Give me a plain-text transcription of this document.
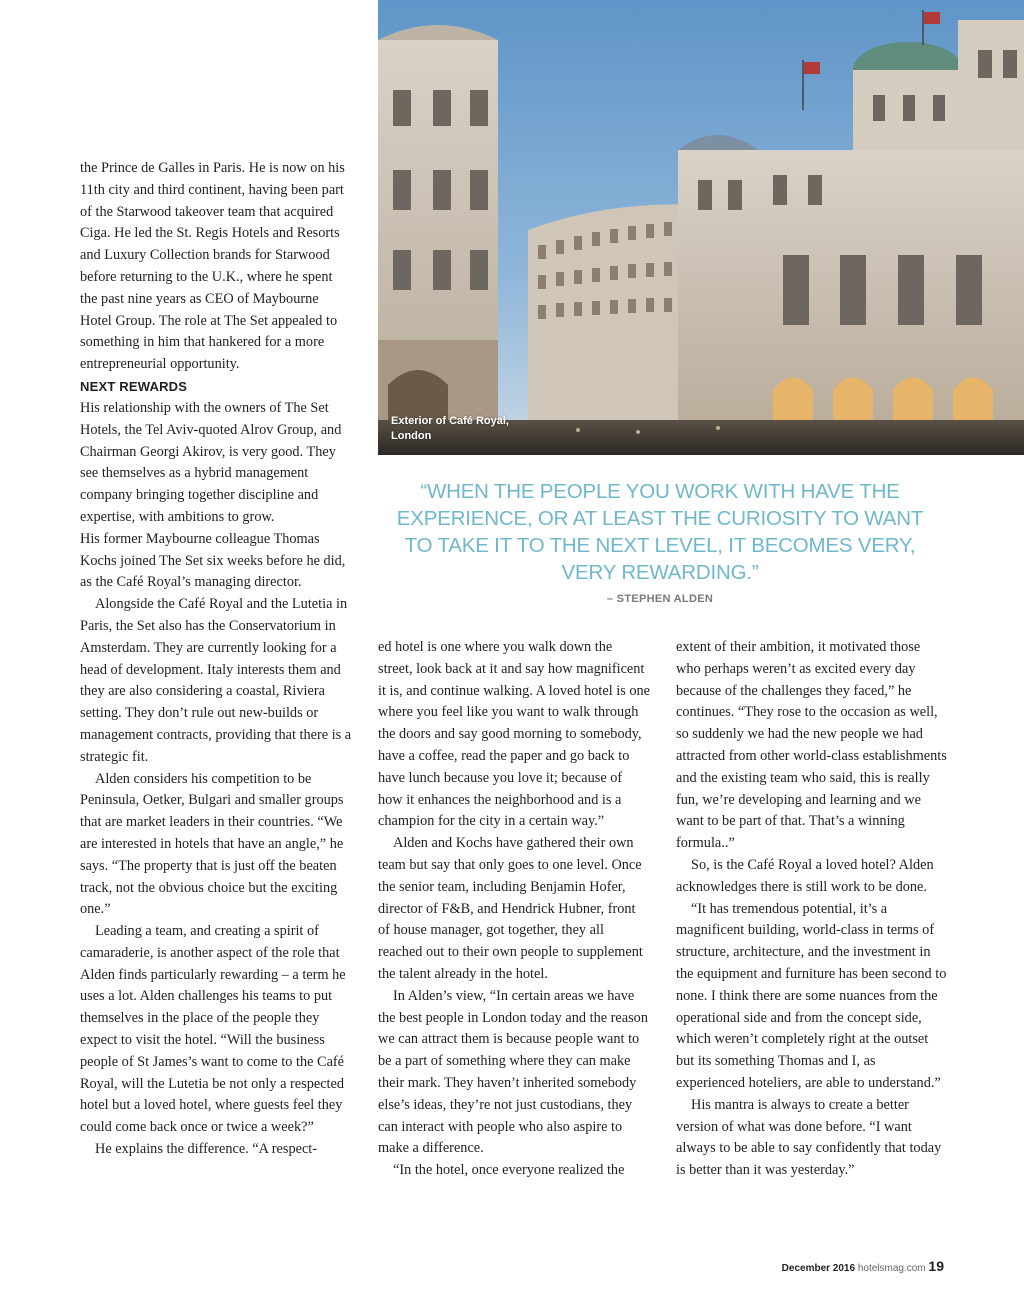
Exterior of Café Royal, London

the Prince de Galles in Paris. He is now on his 11th city and third continent, having been part of the Starwood takeover team that acquired Ciga. He led the St. Regis Hotels and Resorts and Luxury Collection brands for Starwood before returning to the U.K., where he spent the past nine years as CEO of Maybourne Hotel Group. The role at The Set appealed to something in him that hankered for a more entrepreneurial opportunity.

NEXT REWARDS

His relationship with the owners of The Set Hotels, the Tel Aviv-quoted Alrov Group, and Chairman Georgi Akirov, is very good. They see themselves as a hybrid management company bringing together discipline and expertise, with ambitions to grow.

His former Maybourne colleague Thomas Kochs joined The Set six weeks before he did, as the Café Royal’s managing director.

Alongside the Café Royal and the Lutetia in Paris, the Set also has the Conservatorium in Amsterdam. They are currently looking for a head of development. Italy interests them and they are also considering a coastal, Riviera setting. They don’t rule out new-builds or management contracts, providing that there is a strategic fit.

Alden considers his competition to be Peninsula, Oetker, Bulgari and smaller groups that are market leaders in their countries. “We are interested in hotels that have an angle,” he says. “The property that is just off the beaten track, not the obvious choice but the exciting one.”

Leading a team, and creating a spirit of camaraderie, is another aspect of the role that Alden finds particularly rewarding – a term he uses a lot. Alden challenges his teams to put themselves in the place of the people they expect to visit the hotel. “Will the business people of St James’s want to come to the Café Royal, will the Lutetia be not only a respected hotel but a loved hotel, where guests feel they could come back once or twice a week?”

He explains the difference. “A respect-

“WHEN THE PEOPLE YOU WORK WITH HAVE THE EXPERIENCE, OR AT LEAST THE CURIOSITY TO WANT TO TAKE IT TO THE NEXT LEVEL, IT BECOMES VERY, VERY REWARDING.”
– STEPHEN ALDEN

ed hotel is one where you walk down the street, look back at it and say how magnificent it is, and continue walking. A loved hotel is one where you feel like you want to walk through the doors and say good morning to somebody, have a coffee, read the paper and go back to have lunch because you love it; because of how it enhances the neighborhood and is a champion for the city in a certain way.”

Alden and Kochs have gathered their own team but say that only goes to one level. Once the senior team, including Benjamin Hofer, director of F&B, and Hendrick Hubner, front of house manager, got together, they all reached out to their own people to supplement the talent already in the hotel.

In Alden’s view, “In certain areas we have the best people in London today and the reason we can attract them is because people want to be a part of something where they can make their mark. They haven’t inherited somebody else’s ideas, they’re not just custodians, they can interact with people who also aspire to make a difference.

“In the hotel, once everyone realized the

extent of their ambition, it motivated those who perhaps weren’t as excited every day because of the challenges they faced,” he continues. “They rose to the occasion as well, so suddenly we had the new people we had attracted from other world-class establishments and the existing team who said, this is really fun, we’re developing and learning and we want to be part of that. That’s a winning formula..”

So, is the Café Royal a loved hotel? Alden acknowledges there is still work to be done.

“It has tremendous potential, it’s a magnificent building, world-class in terms of structure, architecture, and the investment in the equipment and furniture has been second to none. I think there are some nuances from the operational side and from the concept side, which weren’t completely right at the outset but its something Thomas and I, as experienced hoteliers, are able to understand.”

His mantra is always to create a better version of what was done before. “I want always to be able to say confidently that today is better than it was yesterday.”

December 2016 hotelsmag.com 19
